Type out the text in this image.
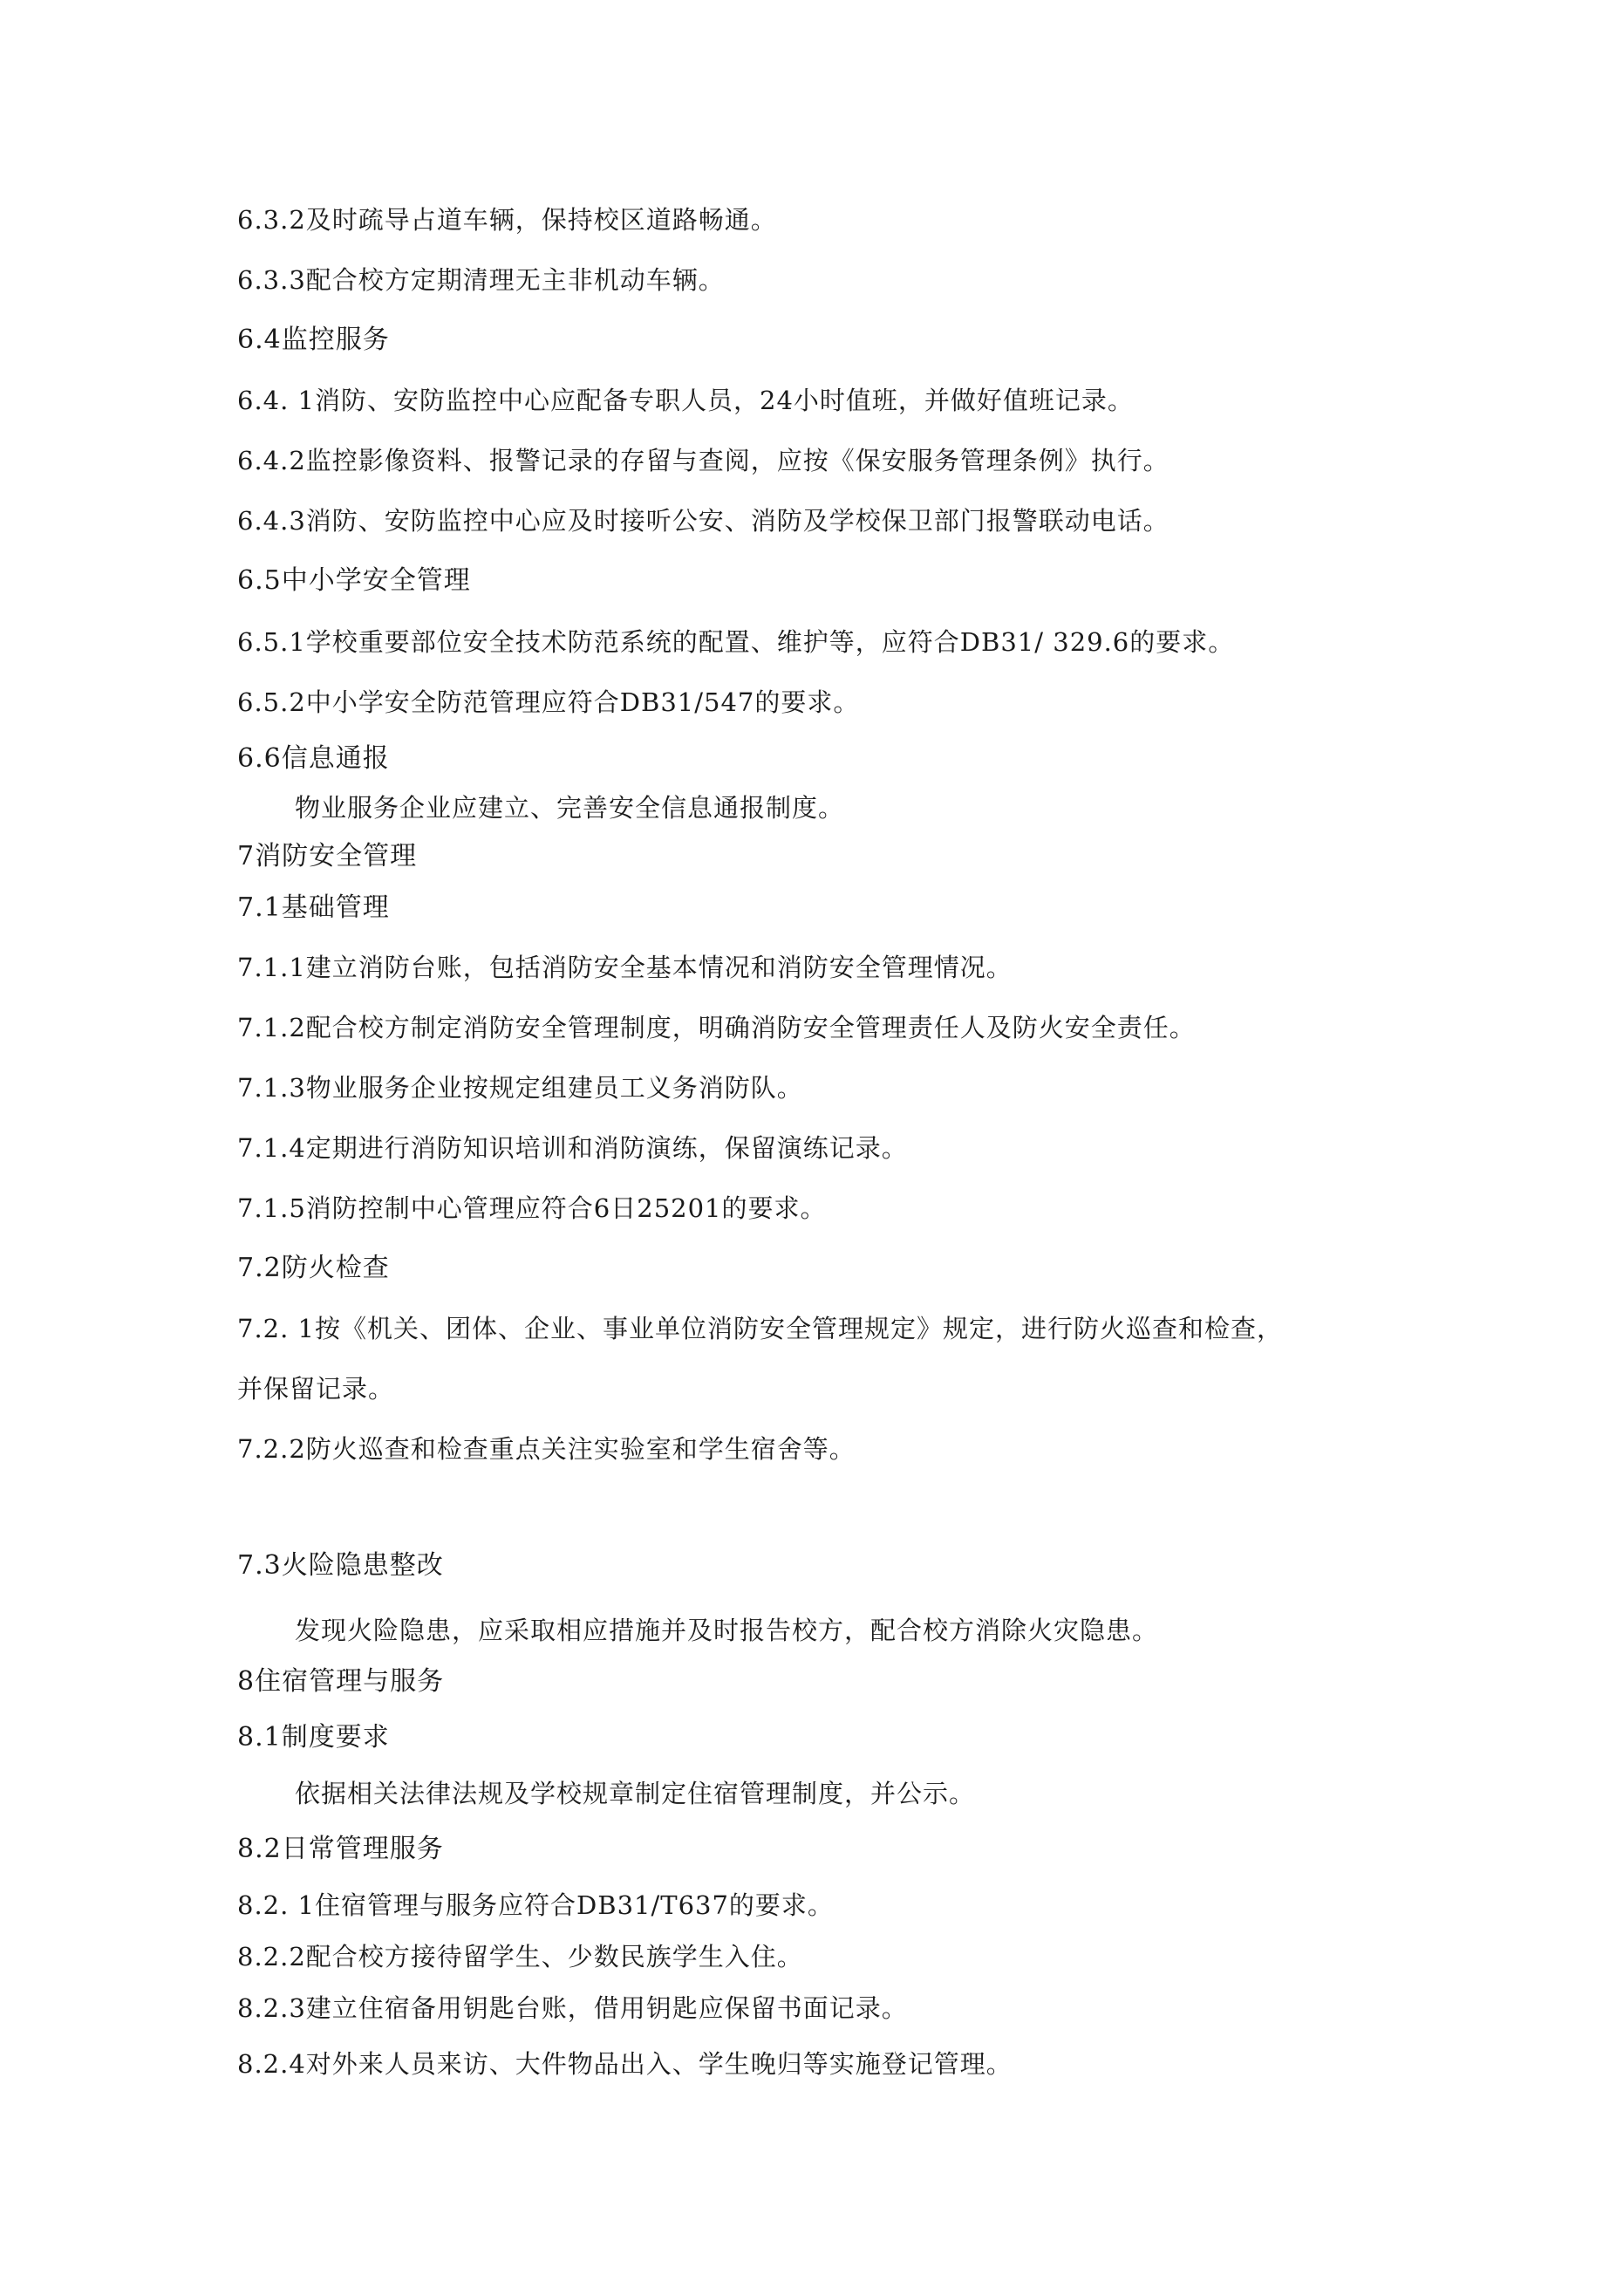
6.3.2及时疏导占道车辆，保持校区道路畅通。

6.3.3配合校方定期清理无主非机动车辆。

6.4监控服务

6.4. 1消防、安防监控中心应配备专职人员，24小时值班，并做好值班记录。

6.4.2监控影像资料、报警记录的存留与查阅，应按《保安服务管理条例》执行。

6.4.3消防、安防监控中心应及时接听公安、消防及学校保卫部门报警联动电话。

6.5中小学安全管理

6.5.1学校重要部位安全技术防范系统的配置、维护等，应符合DB31/ 329.6的要求。

6.5.2中小学安全防范管理应符合DB31/547的要求。

6.6信息通报

物业服务企业应建立、完善安全信息通报制度。

7消防安全管理

7.1基础管理

7.1.1建立消防台账，包括消防安全基本情况和消防安全管理情况。

7.1.2配合校方制定消防安全管理制度，明确消防安全管理责任人及防火安全责任。

7.1.3物业服务企业按规定组建员工义务消防队。

7.1.4定期进行消防知识培训和消防演练，保留演练记录。

7.1.5消防控制中心管理应符合6日25201的要求。

7.2防火检查

7.2. 1按《机关、团体、企业、事业单位消防安全管理规定》规定，进行防火巡查和检查，

并保留记录。

7.2.2防火巡查和检查重点关注实验室和学生宿舍等。

7.3火险隐患整改

发现火险隐患，应采取相应措施并及时报告校方，配合校方消除火灾隐患。

8住宿管理与服务

8.1制度要求

依据相关法律法规及学校规章制定住宿管理制度，并公示。

8.2日常管理服务

8.2. 1住宿管理与服务应符合DB31/T637的要求。

8.2.2配合校方接待留学生、少数民族学生入住。

8.2.3建立住宿备用钥匙台账，借用钥匙应保留书面记录。

8.2.4对外来人员来访、大件物品出入、学生晚归等实施登记管理。
